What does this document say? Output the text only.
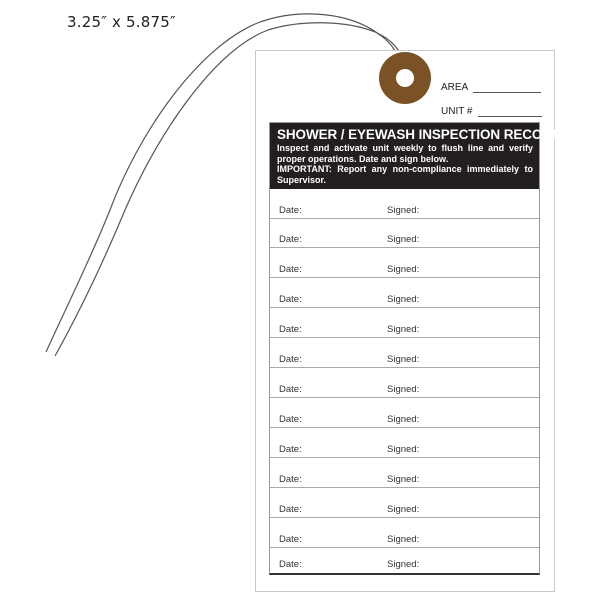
3.25″ x 5.875″
AREA
UNIT #
SHOWER / EYEWASH INSPECTION RECORD
Inspect and activate unit weekly to flush line and verify proper operations. Date and sign below.
IMPORTANT: Report any non-compliance immediately to Supervisor.
Date:	Signed:
Date:	Signed:
Date:	Signed:
Date:	Signed:
Date:	Signed:
Date:	Signed:
Date:	Signed:
Date:	Signed:
Date:	Signed:
Date:	Signed:
Date:	Signed:
Date:	Signed:
Date:	Signed:
